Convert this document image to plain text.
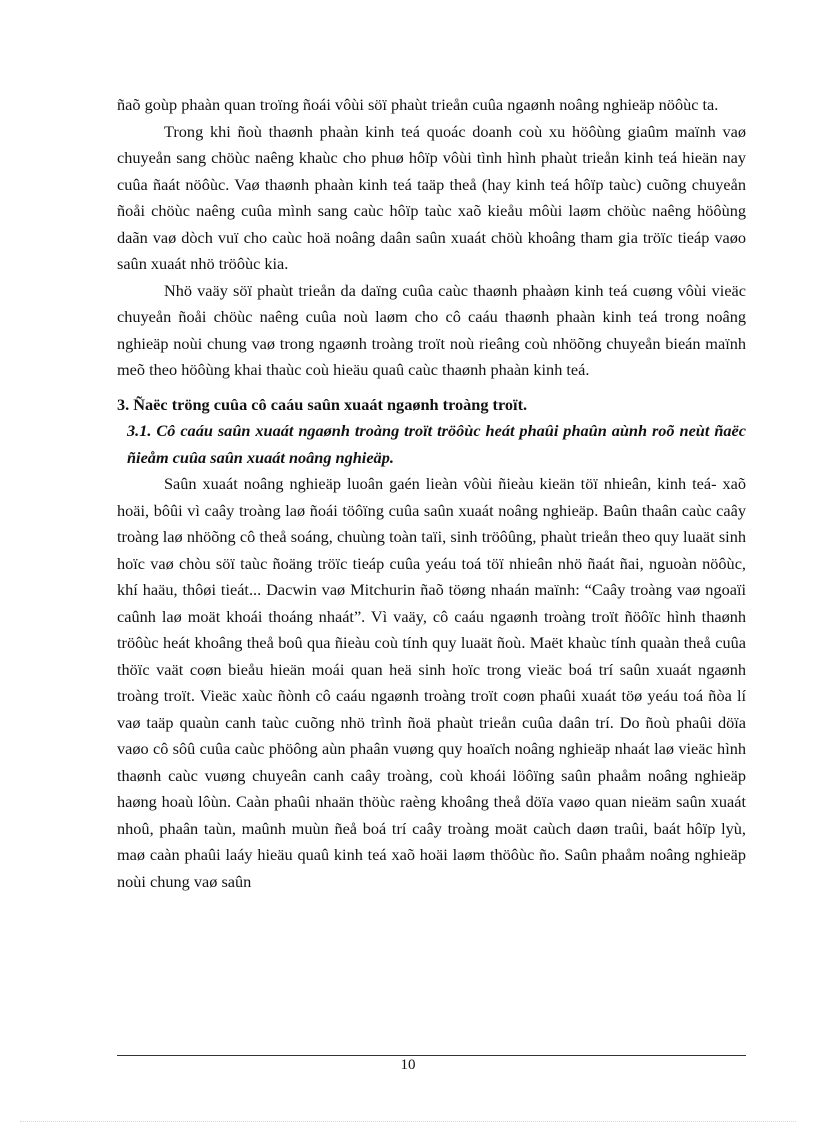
ñaõ goùp phaàn quan troïng ñoái vôùi söï phaùt trieån cuûa ngaønh noâng nghieäp nöôùc ta.

Trong khi ñoù thaønh phaàn kinh teá quoác doanh coù xu höôùng giaûm maïnh vaø chuyeån sang chöùc naêng khaùc cho phuø hôïp vôùi tình hình phaùt trieån kinh teá hieän nay cuûa ñaát nöôùc. Vaø thaønh phaàn kinh teá taäp theå (hay kinh teá hôïp taùc) cuõng chuyeån ñoåi chöùc naêng cuûa mình sang caùc hôïp taùc xaõ kieåu môùi laøm chöùc naêng höôùng daãn vaø dòch vuï cho caùc hoä noâng daân saûn xuaát chöù khoâng tham gia tröïc tieáp vaøo saûn xuaát nhö tröôùc kia.

Nhö vaäy söï phaùt trieån da daïng cuûa caùc thaønh phaàøn kinh teá cuøng vôùi vieäc chuyeån ñoåi chöùc naêng cuûa noù laøm cho cô caáu thaønh phaàn kinh teá trong noâng nghieäp noùi chung vaø trong ngaønh troàng troït noù rieâng coù nhöõng chuyeån bieán maïnh meõ theo höôùng khai thaùc coù hieäu quaû caùc thaønh phaàn kinh teá.

3. Ñaëc tröng cuûa cô caáu saûn xuaát ngaønh troàng troït.

3.1. Cô caáu saûn xuaát ngaønh troàng troït tröôùc heát phaûi phaûn aùnh roõ neùt ñaëc ñieåm cuûa saûn xuaát noâng nghieäp.

Saûn xuaát noâng nghieäp luoân gaén lieàn vôùi ñieàu kieän töï nhieân, kinh teá- xaõ hoäi, bôûi vì caây troàng laø ñoái töôïng cuûa saûn xuaát noâng nghieäp. Baûn thaân caùc caây troàng laø nhöõng cô theå soáng, chuùng toàn taïi, sinh tröôûng, phaùt trieån theo quy luaät sinh hoïc vaø chòu söï taùc ñoäng tröïc tieáp cuûa yeáu toá töï nhieân nhö ñaát ñai, nguoàn nöôùc, khí haäu, thôøi tieát... Dacwin vaø Mitchurin ñaõ töøng nhaán maïnh: “Caây troàng vaø ngoaïi caûnh laø moät khoái thoáng nhaát”. Vì vaäy, cô caáu ngaønh troàng troït ñöôïc hình thaønh tröôùc heát khoâng theå boû qua ñieàu coù tính quy luaät ñoù. Maët khaùc tính quaàn theå cuûa thöïc vaät coøn bieåu hieän moái quan heä sinh hoïc trong vieäc boá trí saûn xuaát ngaønh troàng troït. Vieäc xaùc ñònh cô caáu ngaønh troàng troït coøn phaûi xuaát töø yeáu toá ñòa lí vaø taäp quaùn canh taùc cuõng nhö trình ñoä phaùt trieån cuûa daân trí. Do ñoù phaûi döïa vaøo cô sôû cuûa caùc phöông aùn phaân vuøng quy hoaïch noâng nghieäp nhaát laø vieäc hình thaønh caùc vuøng chuyeân canh caây troàng, coù khoái löôïng saûn phaåm noâng nghieäp haøng hoaù lôùn. Caàn phaûi nhaän thöùc raèng khoâng theå döïa vaøo quan nieäm saûn xuaát nhoû, phaân taùn, maûnh muùn ñeå boá trí caây troàng moät caùch daøn traûi, baát hôïp lyù, maø caàn phaûi laáy hieäu quaû kinh teá xaõ hoäi laøm thöôùc ño. Saûn phaåm noâng nghieäp noùi chung vaø saûn

10
